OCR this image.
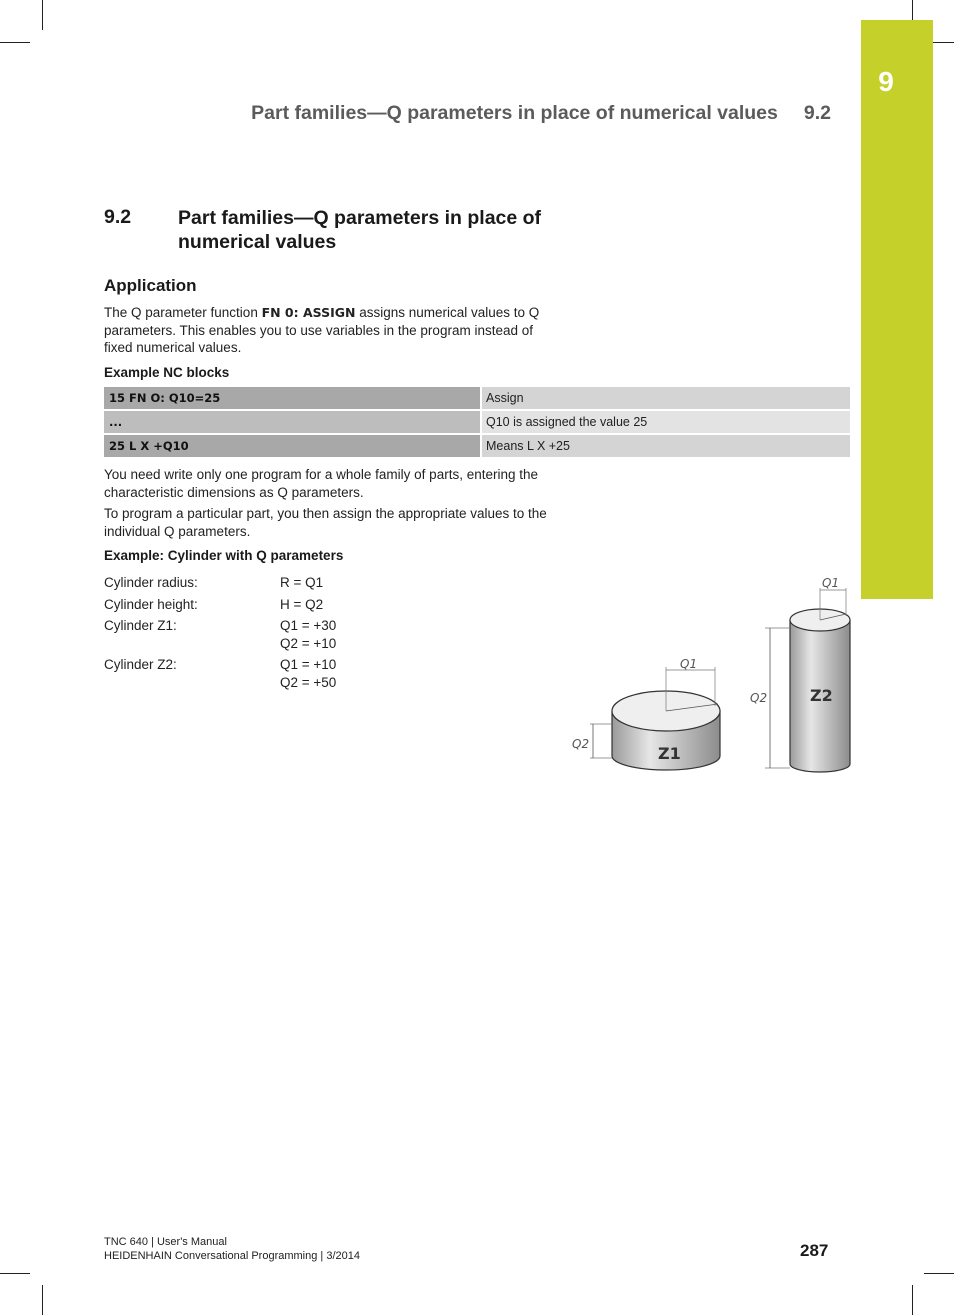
9
Part families—Q parameters in place of numerical values 9.2
9.2 Part families—Q parameters in place of numerical values
Application
The Q parameter function FN 0: ASSIGN assigns numerical values to Q parameters. This enables you to use variables in the program instead of fixed numerical values.
Example NC blocks
15 FN O: Q10=25	Assign
...	Q10 is assigned the value 25
25 L X +Q10	Means L X +25
You need write only one program for a whole family of parts, entering the characteristic dimensions as Q parameters.
To program a particular part, you then assign the appropriate values to the individual Q parameters.
Example: Cylinder with Q parameters
Cylinder radius:	R = Q1
Cylinder height:	H = Q2
Cylinder Z1:	Q1 = +30
Q2 = +10
Cylinder Z2:	Q1 = +10
Q2 = +50
Q1
Q2	Z1
Q1
Q2	Z2
TNC 640 | User's Manual
HEIDENHAIN Conversational Programming | 3/2014	287
